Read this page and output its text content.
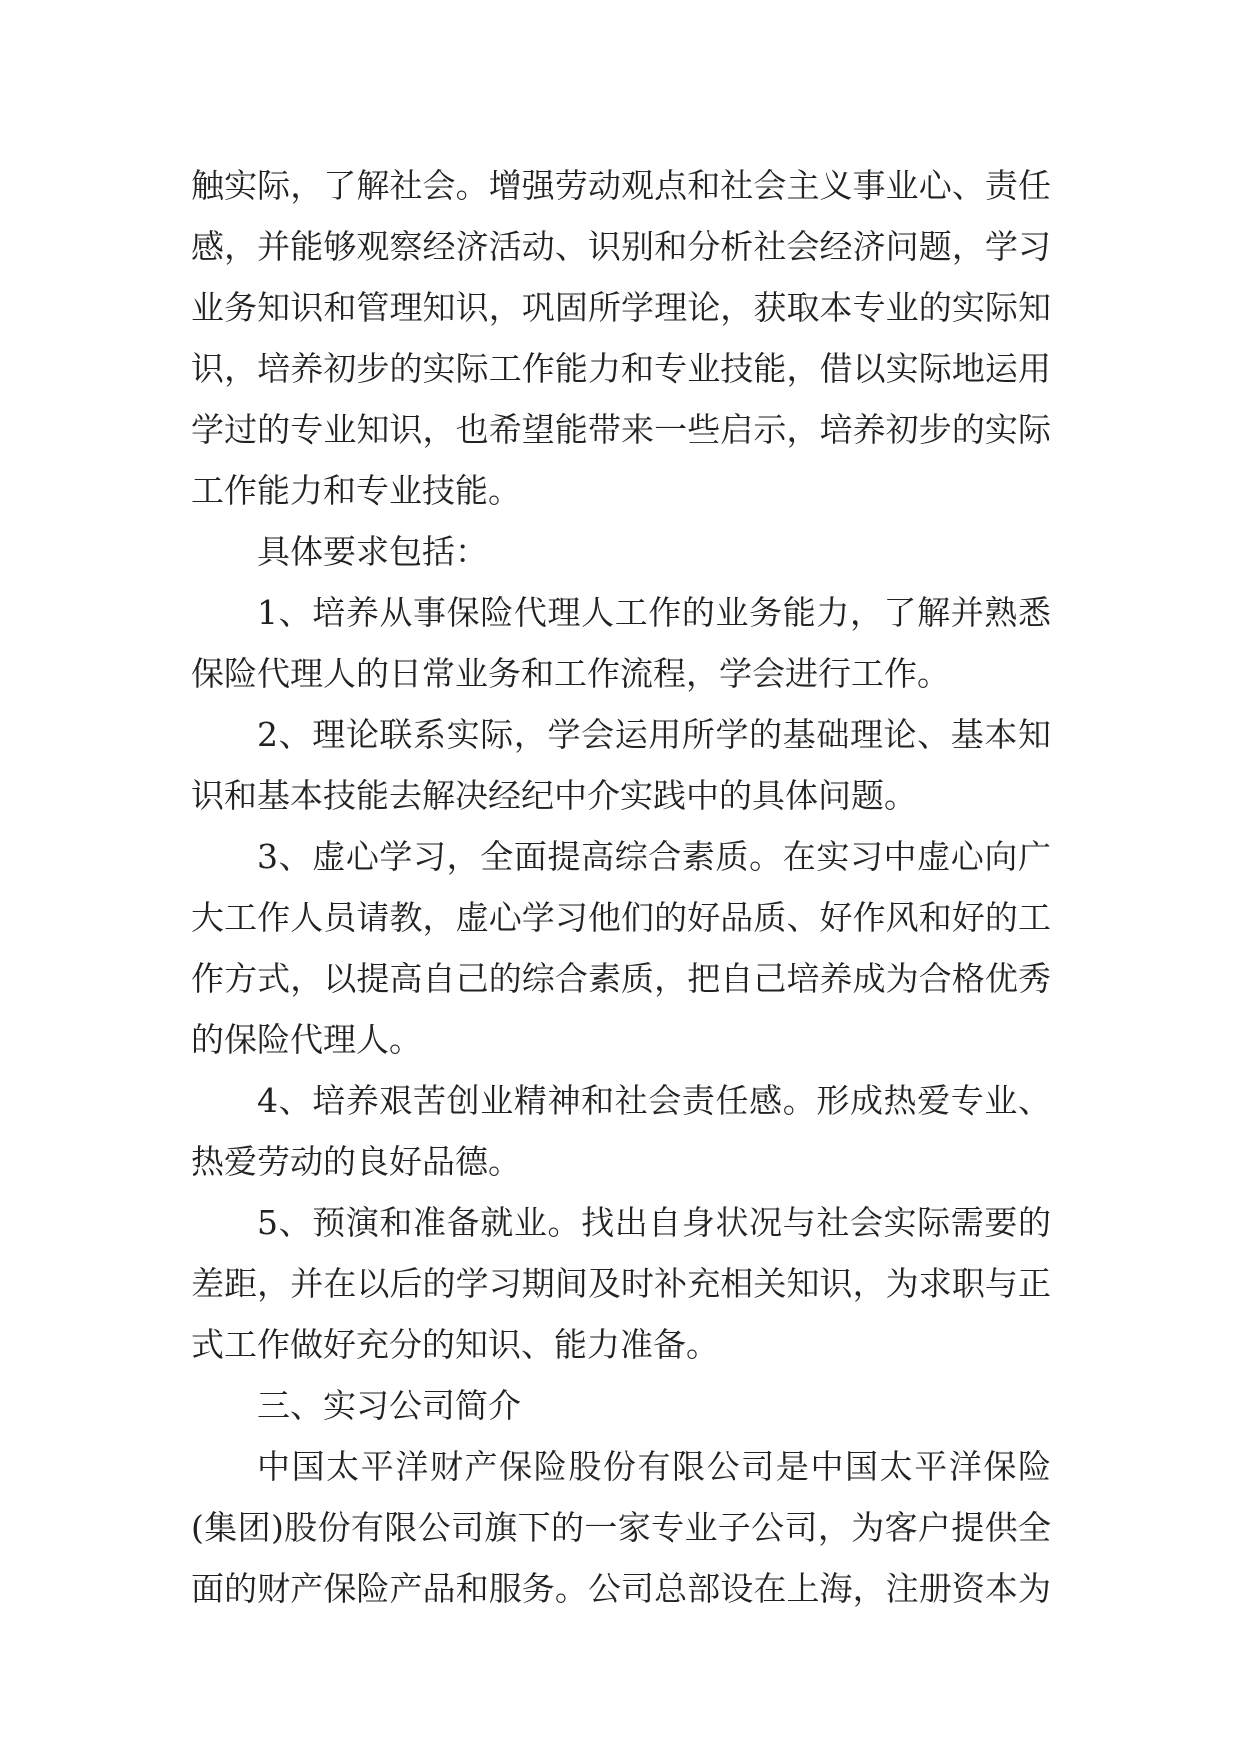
触实际，了解社会。增强劳动观点和社会主义事业心、责任
感，并能够观察经济活动、识别和分析社会经济问题，学习
业务知识和管理知识，巩固所学理论，获取本专业的实际知
识，培养初步的实际工作能力和专业技能，借以实际地运用
学过的专业知识，也希望能带来一些启示，培养初步的实际
工作能力和专业技能。
具体要求包括：
1、培养从事保险代理人工作的业务能力，了解并熟悉
保险代理人的日常业务和工作流程，学会进行工作。
2、理论联系实际，学会运用所学的基础理论、基本知
识和基本技能去解决经纪中介实践中的具体问题。
3、虚心学习，全面提高综合素质。在实习中虚心向广
大工作人员请教，虚心学习他们的好品质、好作风和好的工
作方式，以提高自己的综合素质，把自己培养成为合格优秀
的保险代理人。
4、培养艰苦创业精神和社会责任感。形成热爱专业、
热爱劳动的良好品德。
5、预演和准备就业。找出自身状况与社会实际需要的
差距，并在以后的学习期间及时补充相关知识，为求职与正
式工作做好充分的知识、能力准备。
三、实习公司简介
中国太平洋财产保险股份有限公司是中国太平洋保险
(集团)股份有限公司旗下的一家专业子公司，为客户提供全
面的财产保险产品和服务。公司总部设在上海，注册资本为
